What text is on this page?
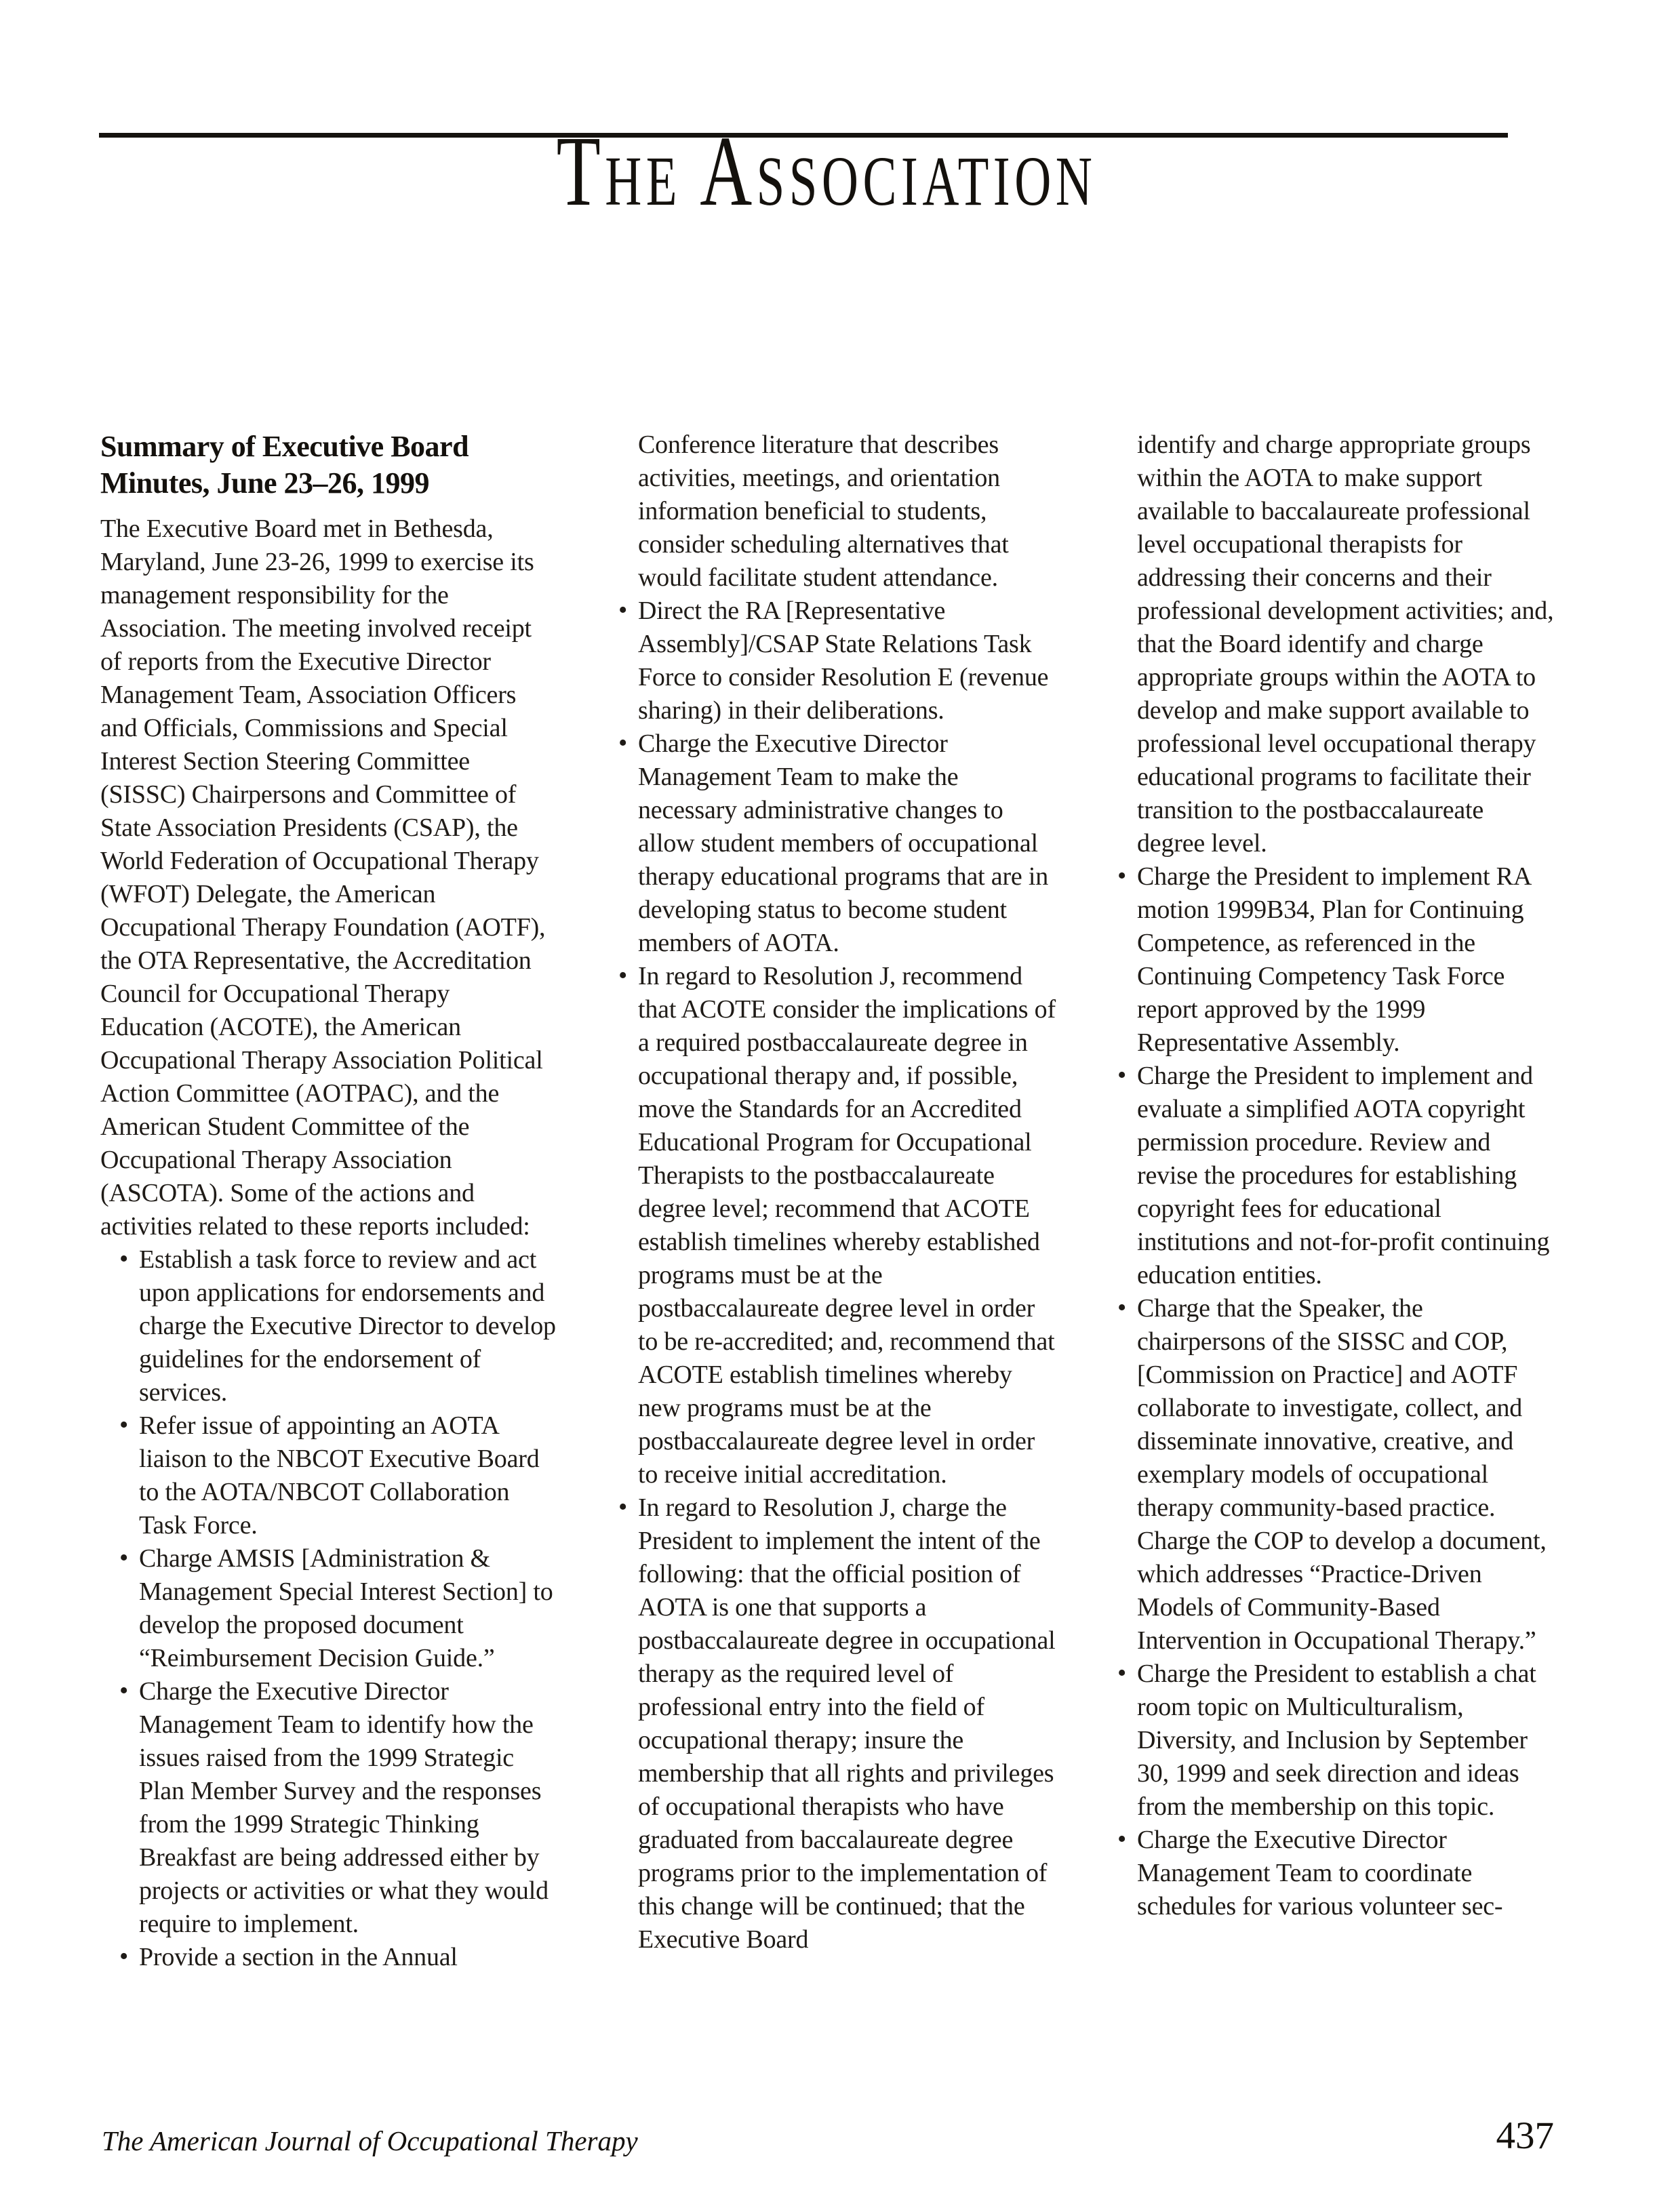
The Association
Summary of Executive Board Minutes, June 23–26, 1999
The Executive Board met in Bethesda, Maryland, June 23-26, 1999 to exercise its management responsibility for the Association. The meeting involved receipt of reports from the Executive Director Management Team, Association Officers and Officials, Commissions and Special Interest Section Steering Committee (SISSC) Chairpersons and Committee of State Association Presidents (CSAP), the World Federation of Occupational Therapy (WFOT) Delegate, the American Occupational Therapy Foundation (AOTF), the OTA Representative, the Accreditation Council for Occupational Therapy Education (ACOTE), the American Occupational Therapy Association Political Action Committee (AOTPAC), and the American Student Committee of the Occupational Therapy Association (ASCOTA). Some of the actions and activities related to these reports included:
• Establish a task force to review and act upon applications for endorsements and charge the Executive Director to develop guidelines for the endorsement of services.
• Refer issue of appointing an AOTA liaison to the NBCOT Executive Board to the AOTA/NBCOT Collaboration Task Force.
• Charge AMSIS [Administration & Management Special Interest Section] to develop the proposed document “Reimbursement Decision Guide.”
• Charge the Executive Director Management Team to identify how the issues raised from the 1999 Strategic Plan Member Survey and the responses from the 1999 Strategic Thinking Breakfast are being addressed either by projects or activities or what they would require to implement.
• Provide a section in the Annual
Conference literature that describes activities, meetings, and orientation information beneficial to students, consider scheduling alternatives that would facilitate student attendance.
• Direct the RA [Representative Assembly]/CSAP State Relations Task Force to consider Resolution E (revenue sharing) in their deliberations.
• Charge the Executive Director Management Team to make the necessary administrative changes to allow student members of occupational therapy educational programs that are in developing status to become student members of AOTA.
• In regard to Resolution J, recommend that ACOTE consider the implications of a required postbaccalaureate degree in occupational therapy and, if possible, move the Standards for an Accredited Educational Program for Occupational Therapists to the postbaccalaureate degree level; recommend that ACOTE establish timelines whereby established programs must be at the postbaccalaureate degree level in order to be re-accredited; and, recommend that ACOTE establish timelines whereby new programs must be at the postbaccalaureate degree level in order to receive initial accreditation.
• In regard to Resolution J, charge the President to implement the intent of the following: that the official position of AOTA is one that supports a postbaccalaureate degree in occupational therapy as the required level of professional entry into the field of occupational therapy; insure the membership that all rights and privileges of occupational therapists who have graduated from baccalaureate degree programs prior to the implementation of this change will be continued; that the Executive Board
identify and charge appropriate groups within the AOTA to make support available to baccalaureate professional level occupational therapists for addressing their concerns and their professional development activities; and, that the Board identify and charge appropriate groups within the AOTA to develop and make support available to professional level occupational therapy educational programs to facilitate their transition to the postbaccalaureate degree level.
• Charge the President to implement RA motion 1999B34, Plan for Continuing Competence, as referenced in the Continuing Competency Task Force report approved by the 1999 Representative Assembly.
• Charge the President to implement and evaluate a simplified AOTA copyright permission procedure. Review and revise the procedures for establishing copyright fees for educational institutions and not-for-profit continuing education entities.
• Charge that the Speaker, the chairpersons of the SISSC and COP, [Commission on Practice] and AOTF collaborate to investigate, collect, and disseminate innovative, creative, and exemplary models of occupational therapy community-based practice. Charge the COP to develop a document, which addresses “Practice-Driven Models of Community-Based Intervention in Occupational Therapy.”
• Charge the President to establish a chat room topic on Multiculturalism, Diversity, and Inclusion by September 30, 1999 and seek direction and ideas from the membership on this topic.
• Charge the Executive Director Management Team to coordinate schedules for various volunteer sec-
The American Journal of Occupational Therapy	437
